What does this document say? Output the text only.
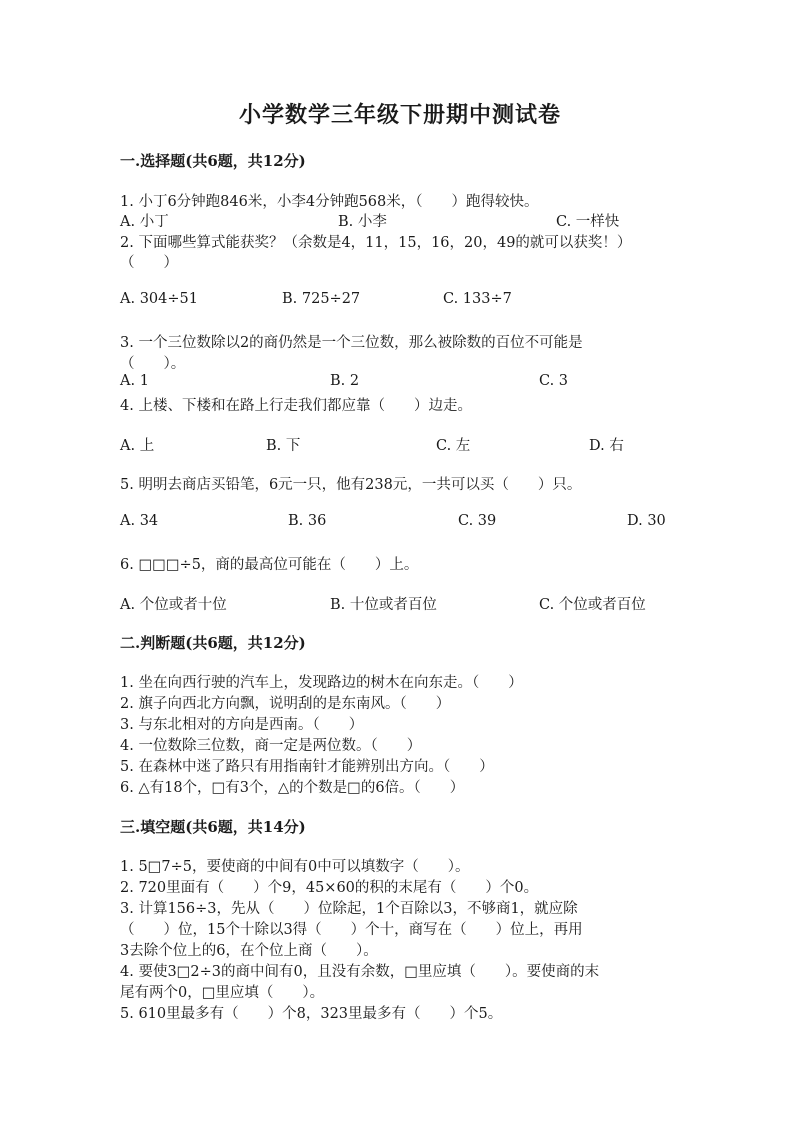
小学数学三年级下册期中测试卷
一.选择题(共6题，共12分)
1. 小丁6分钟跑846米，小李4分钟跑568米，（　　）跑得较快。
A. 小丁	B. 小李	C. 一样快
2. 下面哪些算式能获奖？（余数是4，11，15，16，20，49的就可以获奖！）
（　　）
A. 304÷51	B. 725÷27	C. 133÷7
3. 一个三位数除以2的商仍然是一个三位数，那么被除数的百位不可能是
（　　）。
A. 1	B. 2	C. 3
4. 上楼、下楼和在路上行走我们都应靠（　　）边走。
A. 上	B. 下	C. 左	D. 右
5. 明明去商店买铅笔，6元一只，他有238元，一共可以买（　　）只。
A. 34	B. 36	C. 39	D. 30
6. □□□÷5，商的最高位可能在（　　）上。
A. 个位或者十位	B. 十位或者百位	C. 个位或者百位
二.判断题(共6题，共12分)
1. 坐在向西行驶的汽车上，发现路边的树木在向东走。（　　）
2. 旗子向西北方向飘，说明刮的是东南风。（　　）
3. 与东北相对的方向是西南。（　　）
4. 一位数除三位数，商一定是两位数。（　　）
5. 在森林中迷了路只有用指南针才能辨别出方向。（　　）
6. △有18个，□有3个，△的个数是□的6倍。（　　）
三.填空题(共6题，共14分)
1. 5□7÷5，要使商的中间有0中可以填数字（　　）。
2. 720里面有（　　）个9，45×60的积的末尾有（　　）个0。
3. 计算156÷3，先从（　　）位除起，1个百除以3，不够商1，就应除
（　　）位，15个十除以3得（　　）个十，商写在（　　）位上，再用
3去除个位上的6，在个位上商（　　）。
4. 要使3□2÷3的商中间有0，且没有余数，□里应填（　　）。要使商的末
尾有两个0，□里应填（　　）。
5. 610里最多有（　　）个8，323里最多有（　　）个5。
